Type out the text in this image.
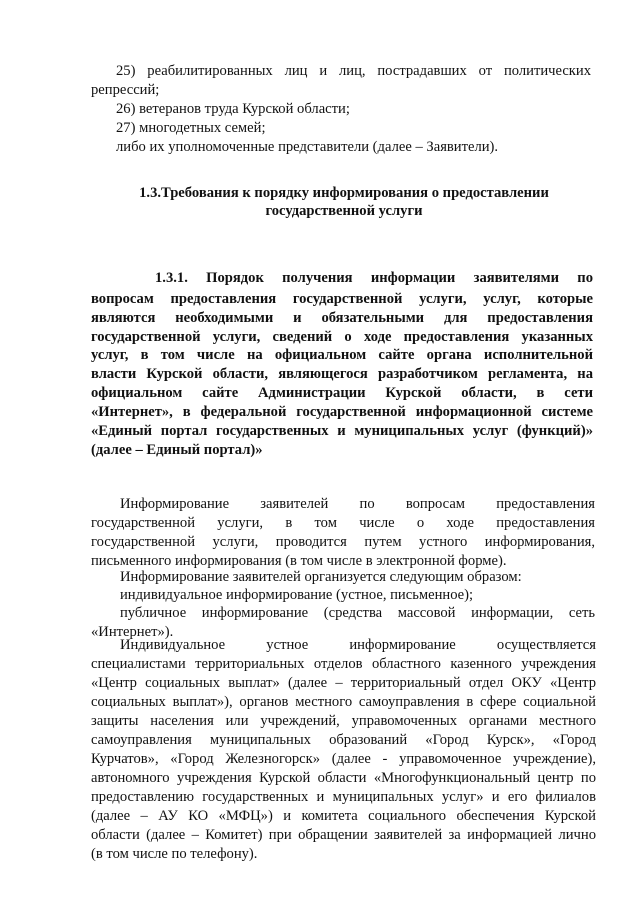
25) реабилитированных лиц и лиц, пострадавших от политических
репрессий;
26) ветеранов труда Курской области;
27) многодетных семей;
либо их уполномоченные представители (далее – Заявители).
1.3.Требования к порядку информирования о предоставлении
государственной услуги
1.3.1. Порядок получения информации заявителями по
вопросам предоставления государственной услуги, услуг, которые
являются необходимыми и обязательными для предоставления
государственной услуги, сведений о ходе предоставления указанных
услуг, в том числе на официальном сайте органа исполнительной
власти Курской области, являющегося разработчиком регламента, на
официальном сайте Администрации Курской области, в сети
«Интернет», в федеральной государственной информационной системе
«Единый портал государственных и муниципальных услуг (функций)»
(далее – Единый портал)»
Информирование заявителей по вопросам предоставления
государственной услуги, в том числе о ходе предоставления
государственной услуги, проводится путем устного информирования,
письменного информирования (в том числе в электронной форме).
Информирование заявителей организуется следующим образом:
индивидуальное информирование (устное, письменное);
публичное информирование (средства массовой информации, сеть
«Интернет»).
Индивидуальное устное информирование осуществляется
специалистами территориальных отделов областного казенного учреждения
«Центр социальных выплат» (далее – территориальный отдел ОКУ «Центр
социальных выплат»), органов местного самоуправления в сфере социальной
защиты населения или учреждений, управомоченных органами местного
самоуправления муниципальных образований «Город Курск», «Город
Курчатов», «Город Железногорск» (далее - управомоченное учреждение),
автономного учреждения Курской области «Многофункциональный центр по
предоставлению государственных и муниципальных услуг» и его филиалов
(далее – АУ КО «МФЦ») и комитета социального обеспечения Курской
области (далее – Комитет) при обращении заявителей за информацией лично
(в том числе по телефону).
